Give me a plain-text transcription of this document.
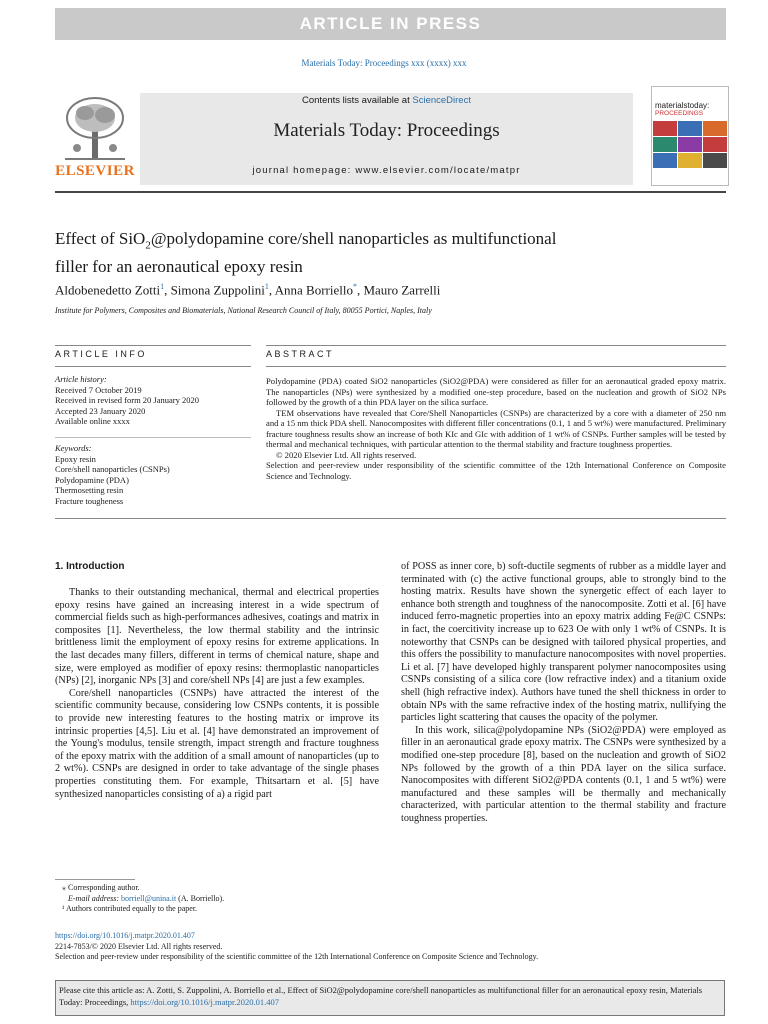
ARTICLE IN PRESS
Materials Today: Proceedings xxx (xxxx) xxx
ELSEVIER
Contents lists available at ScienceDirect
Materials Today: Proceedings
journal homepage: www.elsevier.com/locate/matpr
materialstoday:
PROCEEDINGS
Effect of SiO$_2$@polydopamine core/shell nanoparticles as multifunctional
filler for an aeronautical epoxy resin
Aldobenedetto Zotti$^1$, Simona Zuppolini$^1$, Anna Borriello*, Mauro Zarrelli
Institute for Polymers, Composites and Biomaterials, National Research Council of Italy, 80055 Portici, Naples, Italy
ARTICLE INFO
Article history:
Received 7 October 2019
Received in revised form 20 January 2020
Accepted 23 January 2020
Available online xxxx
Keywords:
Epoxy resin
Core/shell nanoparticles (CSNPs)
Polydopamine (PDA)
Thermosetting resin
Fracture tougheness
ABSTRACT

Polydopamine (PDA) coated SiO2 nanoparticles (SiO2@PDA) were considered as filler for an aeronautical graded epoxy matrix. The nanoparticles (NPs) were synthesized by a modified one-step procedure, based on the nucleation and growth of SiO2 NPs followed by the growth of a thin PDA layer on the silica surface.

TEM observations have revealed that Core/Shell Nanoparticles (CSNPs) are characterized by a core with a diameter of 250 nm and a 15 nm thick PDA shell. Nanocomposites with different filler concentrations (0.1, 1 and 5 wt%) were manufactured. Preliminary fracture toughness results show an increase of both KIc and GIc with addition of 1 wt% of CSNPs. Further samples will be tested by thermal and mechanical techniques, with particular attention to the thermal stability and fracture toughness properties.

© 2020 Elsevier Ltd. All rights reserved.

Selection and peer-review under responsibility of the scientific committee of the 12th International Conference on Composite Science and Technology.

1. Introduction

Thanks to their outstanding mechanical, thermal and electrical properties epoxy resins have gained an increasing interest in a wide spectrum of commercial fields such as high-performances adhesives, coatings and matrix in composites [1]. Nevertheless, the low thermal stability and the intrinsic brittleness limit the employment of epoxy resins for extreme applications. In the last decades many fillers, different in terms of chemical nature, shape and size, were employed as modifier of epoxy resins: thermoplastic nanoparticles (NPs) [2], inorganic NPs [3] and core/shell NPs [4] are just a few examples.

Core/shell nanoparticles (CSNPs) have attracted the interest of the scientific community because, considering low CSNPs contents, it is possible to provide new interesting features to the hosting matrix or improve its intrinsic properties [4,5]. Liu et al. [4] have demonstrated an improvement of the Young's modulus, tensile strength, impact strength and fracture toughness of the epoxy matrix with the addition of a small amount of nanoparticles (up to 2 wt%). CSNPs are designed in order to take advantage of the single phases properties constituting them. For example, Thitsartarn et al. [5] have synthesized nanoparticles consisting of a) a rigid part

of POSS as inner core, b) soft-ductile segments of rubber as a middle layer and terminated with (c) the active functional groups, able to strongly bind to the hosting matrix. Results have shown the synergetic effect of each layer to enhance both strength and toughness of the nanocomposite. Zotti et al. [6] have induced ferro-magnetic properties into an epoxy matrix adding Fe@C CSNPs: in fact, the coercitivity increase up to 623 Oe with only 1 wt% of CSNPs. It is noteworthy that CSNPs can be designed with tailored physical properties, and this offers the possibility to manufacture nanocomposites with novel properties. Li et al. [7] have developed highly transparent polymer nanocomposites using CSNPs consisting of a silica core (low refractive index) and a titanium oxide shell (high refractive index). Authors have tuned the shell thickness in order to obtain NPs with the same refractive index of the hosting matrix, nullifying the particles light scattering that causes the opacity of the polymer.

In this work, silica@polydopamine NPs (SiO2@PDA) were employed as filler in an aeronautical grade epoxy matrix. The CSNPs were synthesized by a modified one-step procedure [8], based on the nucleation and growth of SiO2 NPs followed by the growth of a thin PDA layer on the silica surface. Nanocomposites with different SiO2@PDA contents (0.1, 1 and 5 wt%) were manufactured and these samples will be thermally and mechanically characterized, with particular attention to the thermal stability and fracture toughness properties.

⁎ Corresponding author.
E-mail address: borriell@unina.it (A. Borriello).
¹ Authors contributed equally to the paper.
https://doi.org/10.1016/j.matpr.2020.01.407
2214-7853/© 2020 Elsevier Ltd. All rights reserved.
Selection and peer-review under responsibility of the scientific committee of the 12th International Conference on Composite Science and Technology.
Please cite this article as: A. Zotti, S. Zuppolini, A. Borriello et al., Effect of SiO2@polydopamine core/shell nanoparticles as multifunctional filler for an aeronautical epoxy resin, Materials Today: Proceedings, https://doi.org/10.1016/j.matpr.2020.01.407
